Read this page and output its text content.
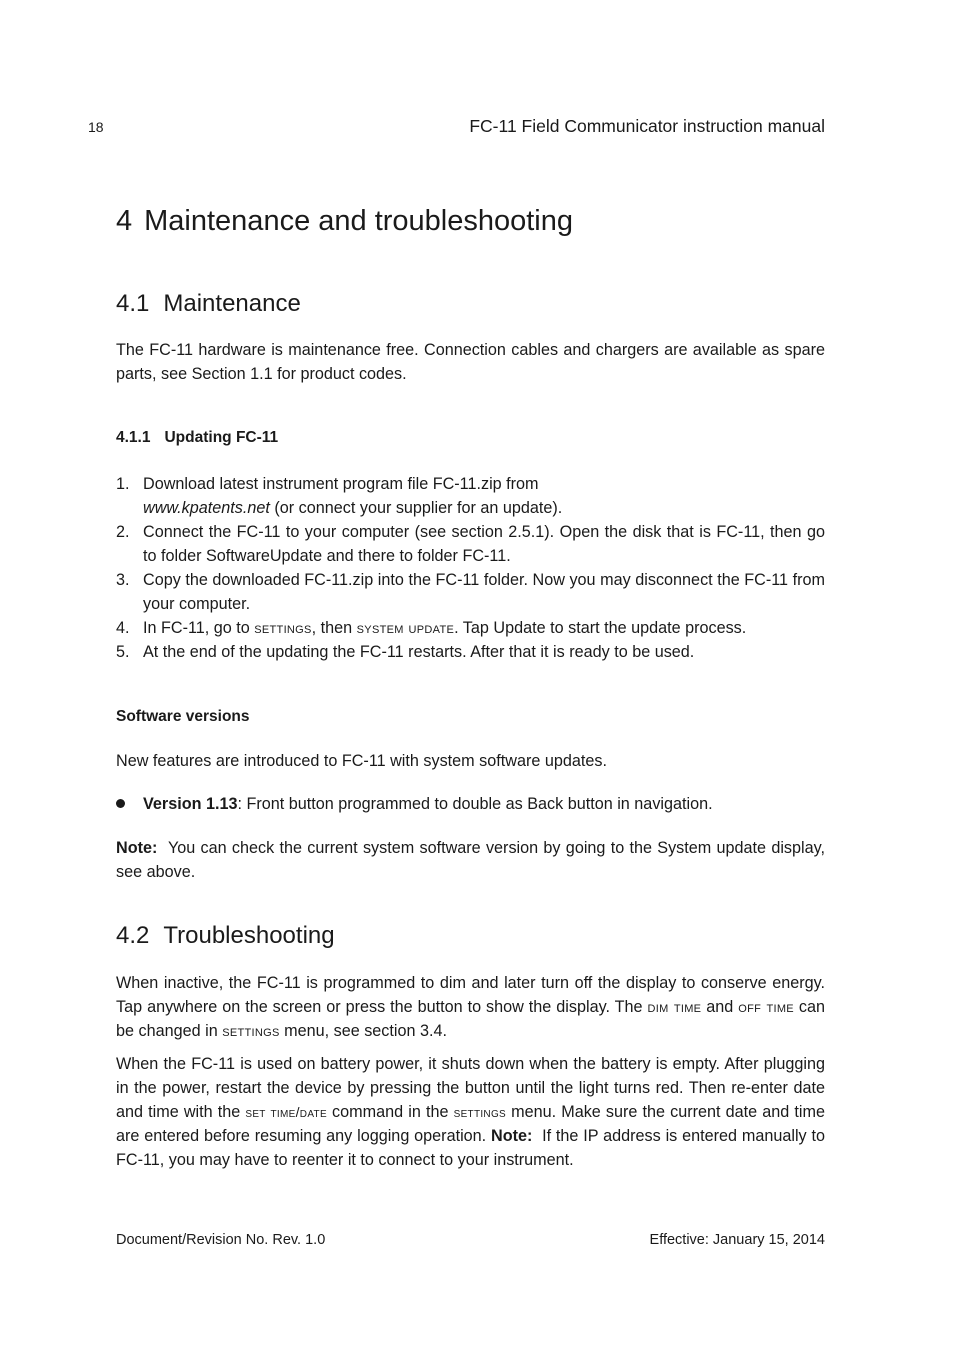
18	FC-11 Field Communicator instruction manual
4 Maintenance and troubleshooting
4.1 Maintenance

The FC-11 hardware is maintenance free. Connection cables and chargers are available as spare parts, see Section 1.1 for product codes.

4.1.1 Updating FC-11
1. Download latest instrument program file FC-11.zip from
www.kpatents.net (or connect your supplier for an update).
2. Connect the FC-11 to your computer (see section 2.5.1). Open the disk that is FC-11, then go to folder SoftwareUpdate and there to folder FC-11.
3. Copy the downloaded FC-11.zip into the FC-11 folder. Now you may disconnect the FC-11 from your computer.
4. In FC-11, go to settings, then system update. Tap Update to start the update process.
5. At the end of the updating the FC-11 restarts. After that it is ready to be used.
Software versions

New features are introduced to FC-11 with system software updates.

Version 1.13: Front button programmed to double as Back button in navigation.

Note: You can check the current system software version by going to the System update display, see above.

4.2 Troubleshooting

When inactive, the FC-11 is programmed to dim and later turn off the display to conserve energy. Tap anywhere on the screen or press the button to show the display. The dim time and off time can be changed in settings menu, see section 3.4.

When the FC-11 is used on battery power, it shuts down when the battery is empty. After plugging in the power, restart the device by pressing the button until the light turns red. Then re-enter date and time with the set time/date command in the settings menu. Make sure the current date and time are entered before resuming any logging operation. Note:  If the IP address is entered manually to FC-11, you may have to reenter it to connect to your instrument.

Document/Revision No. Rev. 1.0	Effective: January 15, 2014
